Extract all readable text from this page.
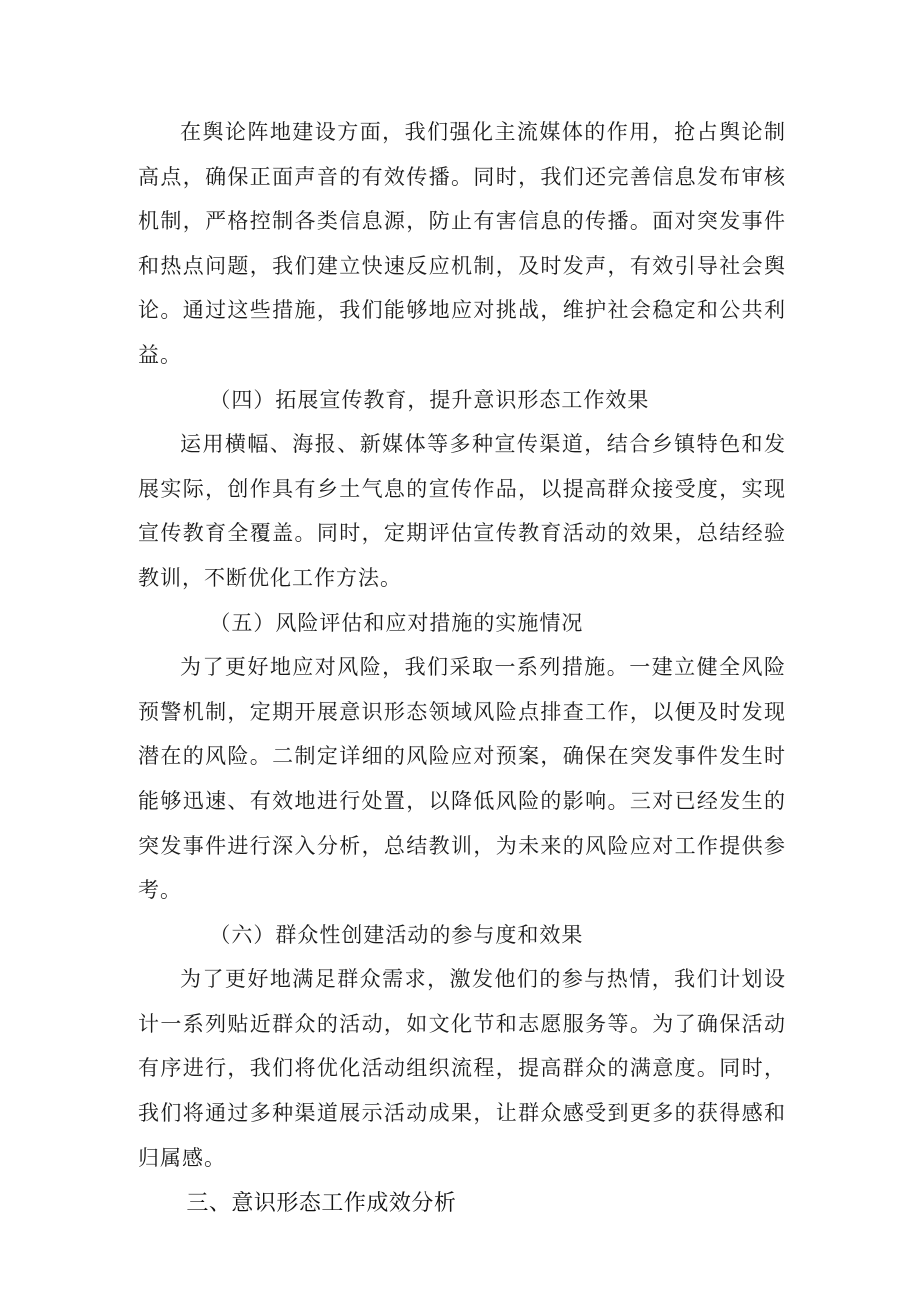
在舆论阵地建设方面，我们强化主流媒体的作用，抢占舆论制高点，确保正面声音的有效传播。同时，我们还完善信息发布审核机制，严格控制各类信息源，防止有害信息的传播。面对突发事件和热点问题，我们建立快速反应机制，及时发声，有效引导社会舆论。通过这些措施，我们能够地应对挑战，维护社会稳定和公共利益。

（四）拓展宣传教育，提升意识形态工作效果

运用横幅、海报、新媒体等多种宣传渠道，结合乡镇特色和发展实际，创作具有乡土气息的宣传作品，以提高群众接受度，实现宣传教育全覆盖。同时，定期评估宣传教育活动的效果，总结经验教训，不断优化工作方法。

（五）风险评估和应对措施的实施情况

为了更好地应对风险，我们采取一系列措施。一建立健全风险预警机制，定期开展意识形态领域风险点排查工作，以便及时发现潜在的风险。二制定详细的风险应对预案，确保在突发事件发生时能够迅速、有效地进行处置，以降低风险的影响。三对已经发生的突发事件进行深入分析，总结教训，为未来的风险应对工作提供参考。

（六）群众性创建活动的参与度和效果

为了更好地满足群众需求，激发他们的参与热情，我们计划设计一系列贴近群众的活动，如文化节和志愿服务等。为了确保活动有序进行，我们将优化活动组织流程，提高群众的满意度。同时，我们将通过多种渠道展示活动成果，让群众感受到更多的获得感和归属感。

三、意识形态工作成效分析
